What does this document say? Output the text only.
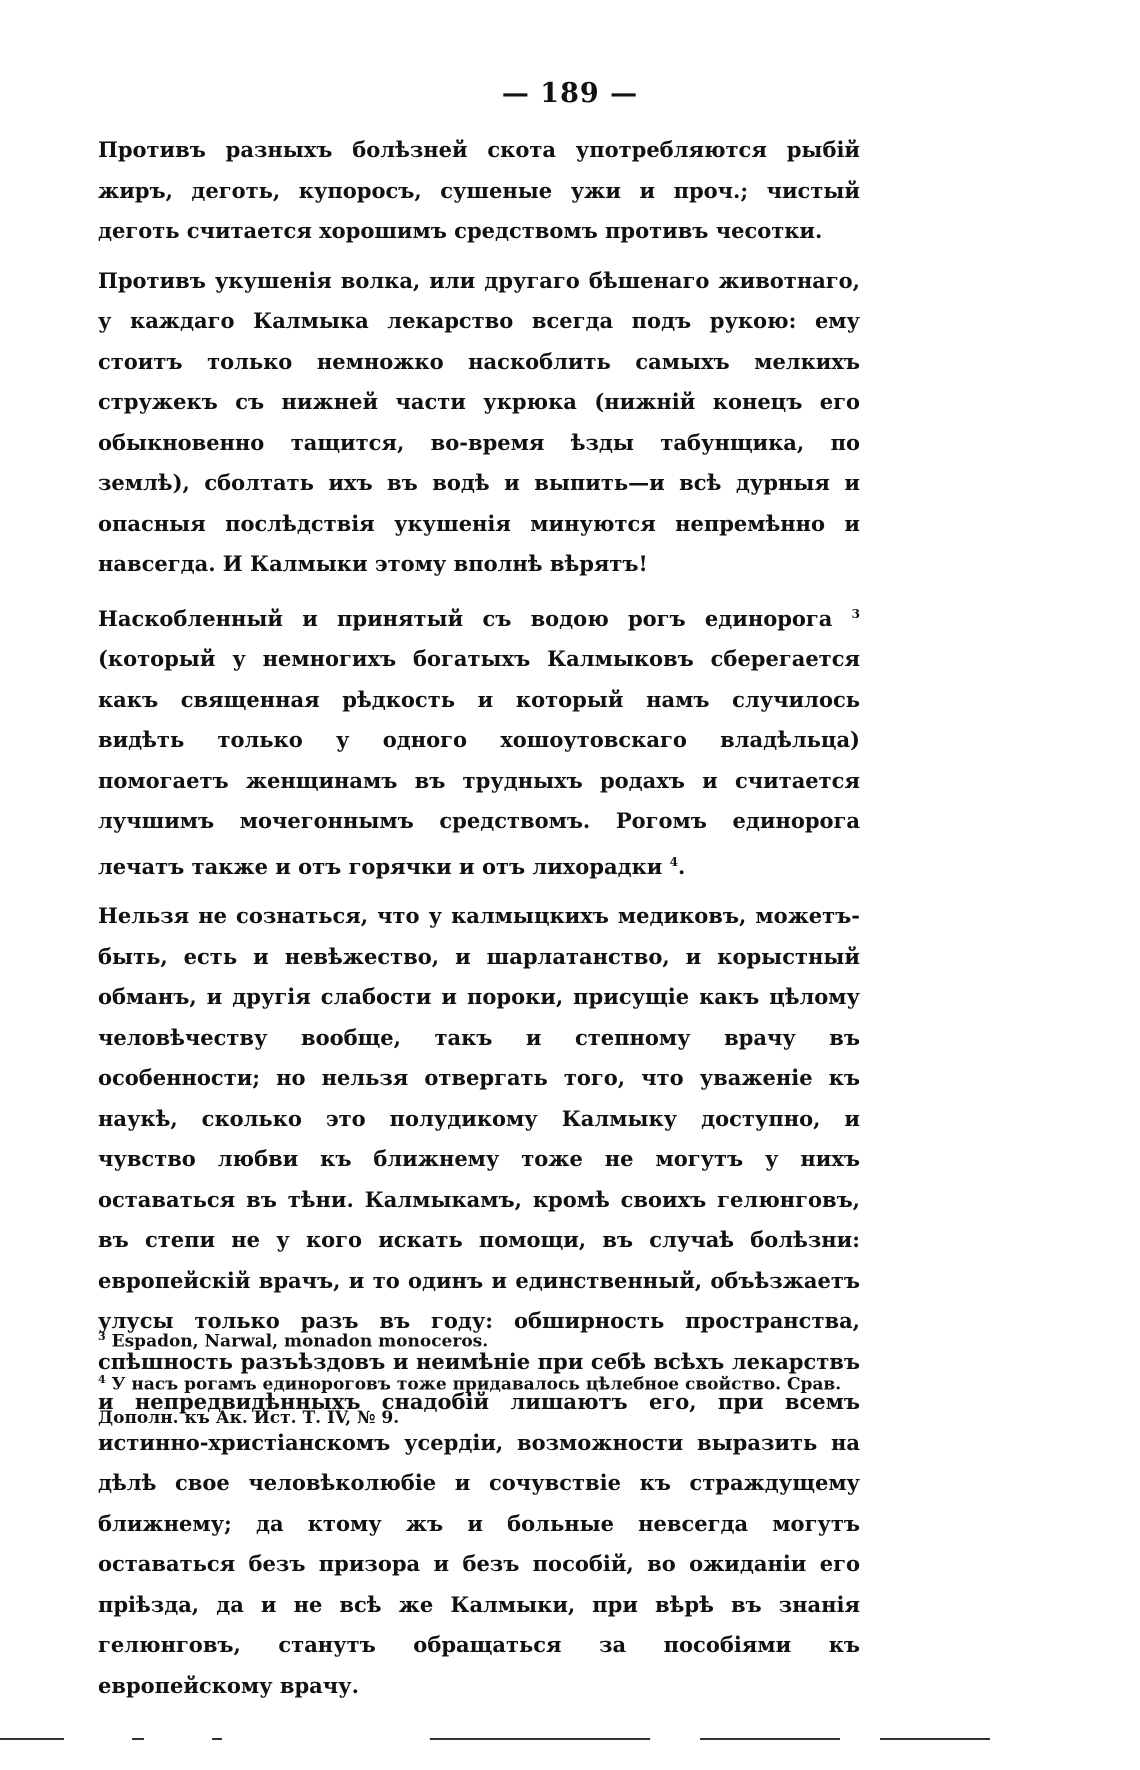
— 189 —

Противъ разныхъ болѣзней скота употребляются рыбій жиръ, деготь, купоросъ, сушеные ужи и проч.; чистый деготь считается хорошимъ средствомъ противъ чесотки.

Противъ укушенія волка, или другаго бѣшенаго животнаго, у каждаго Калмыка лекарство всегда подъ рукою: ему стоитъ только немножко наскоблить самыхъ мелкихъ стружекъ съ нижней части укрюка (нижній конецъ его обыкновенно тащится, во-время ѣзды табунщика, по землѣ), сболтать ихъ въ водѣ и выпить—и всѣ дурныя и опасныя послѣдствія укушенія минуются непремѣнно и навсегда. И Калмыки этому вполнѣ вѣрятъ!

Наскобленный и принятый съ водою рогъ единорога $^3$ (который у немногихъ богатыхъ Калмыковъ сберегается какъ священная рѣдкость и который намъ случилось видѣть только у одного хошоутовскаго владѣльца) помогаетъ женщинамъ въ трудныхъ родахъ и считается лучшимъ мочегоннымъ средствомъ. Рогомъ единорога лечатъ также и отъ горячки и отъ лихорадки $^4$.

Нельзя не сознаться, что у калмыцкихъ медиковъ, можетъ-быть, есть и невѣжество, и шарлатанство, и корыстный обманъ, и другія слабости и пороки, присущіе какъ цѣлому человѣчеству вообще, такъ и степному врачу въ особенности; но нельзя отвергать того, что уваженіе къ наукѣ, сколько это полудикому Калмыку доступно, и чувство любви къ ближнему тоже не могутъ у нихъ оставаться въ тѣни. Калмыкамъ, кромѣ своихъ гелюнговъ, въ степи не у кого искать помощи, въ случаѣ болѣзни: европейскій врачъ, и то одинъ и единственный, объѣзжаетъ улусы только разъ въ году: обширность пространства, спѣшность разъѣздовъ и неимѣніе при себѣ всѣхъ лекарствъ и непредвидѣнныхъ снадобій лишаютъ его, при всемъ истинно-христіанскомъ усердіи, возможности выразить на дѣлѣ свое человѣколюбіе и сочувствіе къ страждущему ближнему; да ктому жъ и больные невсегда могутъ оставаться безъ призора и безъ пособій, во ожиданіи его пріѣзда, да и не всѣ же Калмыки, при вѣрѣ въ знанія гелюнговъ, станутъ обращаться за пособіями къ европейскому врачу.

$^3$ Espadon, Narwal, monadon monoceros.

$^4$ У насъ рогамъ единороговъ тоже придавалось цѣлебное свойство. Срав. Дополн. къ Ак. Ист. Т. IV, № 9.
